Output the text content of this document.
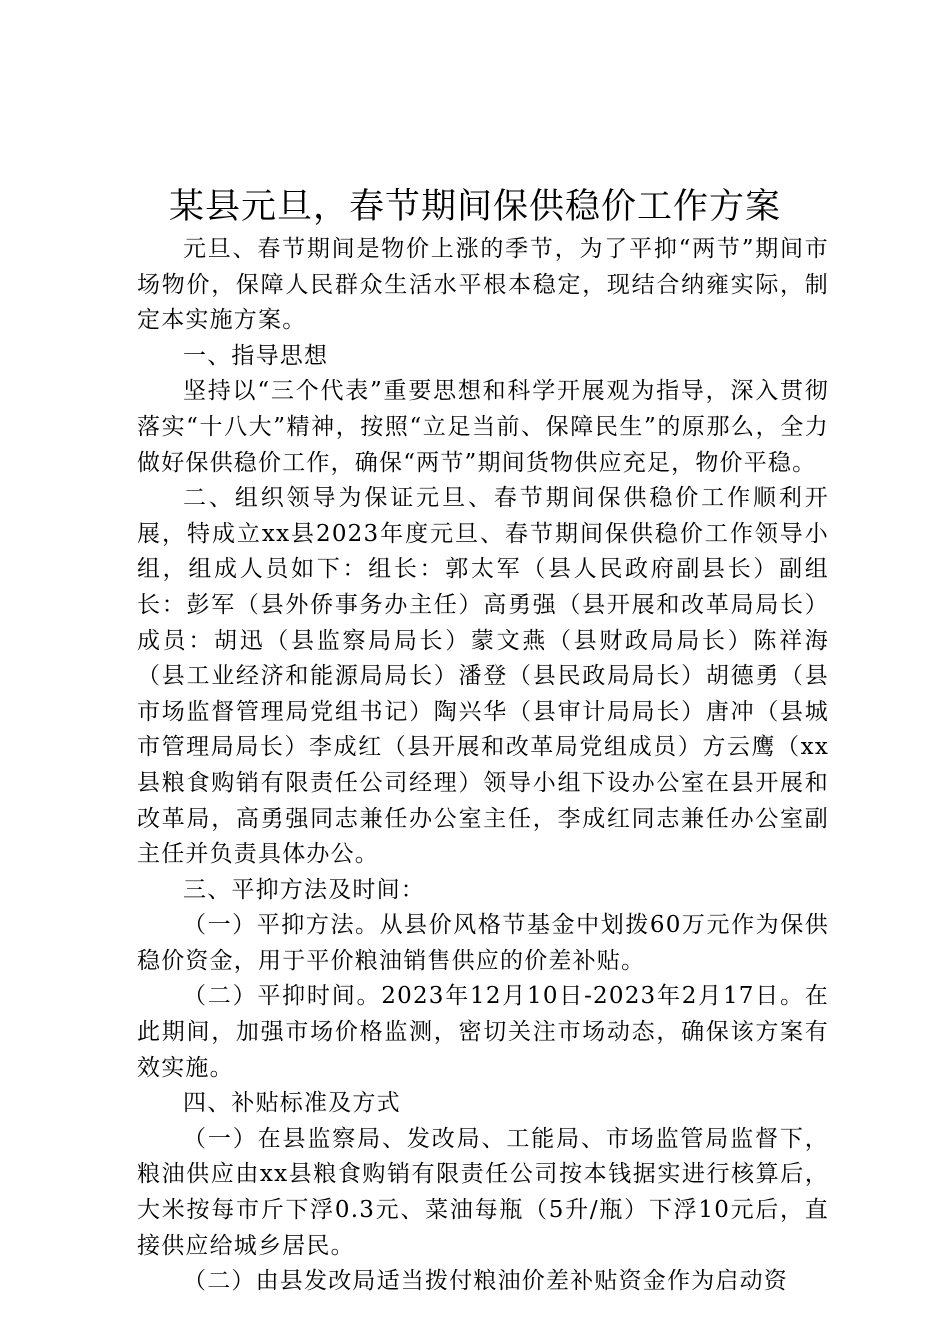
某县元旦，春节期间保供稳价工作方案

元旦、春节期间是物价上涨的季节，为了平抑“两节”期间市场物价，保障人民群众生活水平根本稳定，现结合纳雍实际，制定本实施方案。

一、指导思想

坚持以“三个代表”重要思想和科学开展观为指导，深入贯彻落实“十八大”精神，按照“立足当前、保障民生”的原那么，全力做好保供稳价工作，确保“两节”期间货物供应充足，物价平稳。

二、组织领导为保证元旦、春节期间保供稳价工作顺利开展，特成立xx县2023年度元旦、春节期间保供稳价工作领导小组，组成人员如下：组长：郭太军（县人民政府副县长）副组长：彭军（县外侨事务办主任）高勇强（县开展和改革局局长）成员：胡迅（县监察局局长）蒙文燕（县财政局局长）陈祥海（县工业经济和能源局局长）潘登（县民政局局长）胡德勇（县市场监督管理局党组书记）陶兴华（县审计局局长）唐冲（县城市管理局局长）李成红（县开展和改革局党组成员）方云鹰（xx县粮食购销有限责任公司经理）领导小组下设办公室在县开展和改革局，高勇强同志兼任办公室主任，李成红同志兼任办公室副主任并负责具体办公。

三、平抑方法及时间：

（一）平抑方法。从县价风格节基金中划拨60万元作为保供稳价资金，用于平价粮油销售供应的价差补贴。

（二）平抑时间。2023年12月10日-2023年2月17日。在此期间，加强市场价格监测，密切关注市场动态，确保该方案有效实施。

四、补贴标准及方式

（一）在县监察局、发改局、工能局、市场监管局监督下，粮油供应由xx县粮食购销有限责任公司按本钱据实进行核算后，大米按每市斤下浮0.3元、菜油每瓶（5升/瓶）下浮10元后，直接供应给城乡居民。

（二）由县发改局适当拨付粮油价差补贴资金作为启动资
